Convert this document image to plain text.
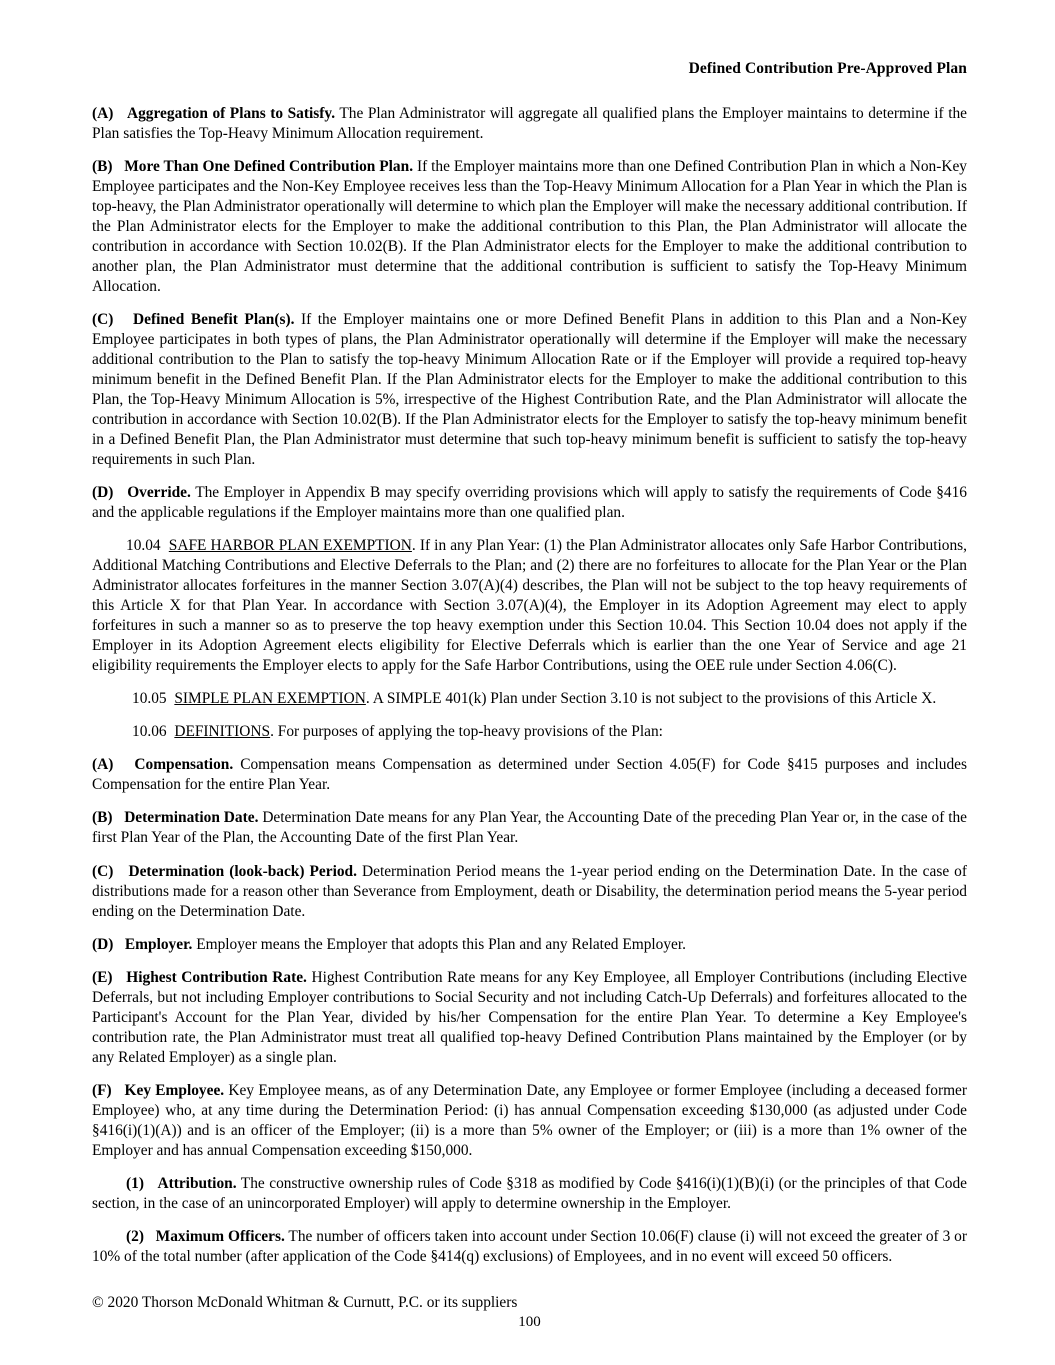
Defined Contribution Pre-Approved Plan

(A) Aggregation of Plans to Satisfy. The Plan Administrator will aggregate all qualified plans the Employer maintains to determine if the Plan satisfies the Top-Heavy Minimum Allocation requirement.

(B) More Than One Defined Contribution Plan. If the Employer maintains more than one Defined Contribution Plan in which a Non-Key Employee participates and the Non-Key Employee receives less than the Top-Heavy Minimum Allocation for a Plan Year in which the Plan is top-heavy, the Plan Administrator operationally will determine to which plan the Employer will make the necessary additional contribution. If the Plan Administrator elects for the Employer to make the additional contribution to this Plan, the Plan Administrator will allocate the contribution in accordance with Section 10.02(B). If the Plan Administrator elects for the Employer to make the additional contribution to another plan, the Plan Administrator must determine that the additional contribution is sufficient to satisfy the Top-Heavy Minimum Allocation.

(C) Defined Benefit Plan(s). If the Employer maintains one or more Defined Benefit Plans in addition to this Plan and a Non-Key Employee participates in both types of plans, the Plan Administrator operationally will determine if the Employer will make the necessary additional contribution to the Plan to satisfy the top-heavy Minimum Allocation Rate or if the Employer will provide a required top-heavy minimum benefit in the Defined Benefit Plan. If the Plan Administrator elects for the Employer to make the additional contribution to this Plan, the Top-Heavy Minimum Allocation is 5%, irrespective of the Highest Contribution Rate, and the Plan Administrator will allocate the contribution in accordance with Section 10.02(B). If the Plan Administrator elects for the Employer to satisfy the top-heavy minimum benefit in a Defined Benefit Plan, the Plan Administrator must determine that such top-heavy minimum benefit is sufficient to satisfy the top-heavy requirements in such Plan.

(D) Override. The Employer in Appendix B may specify overriding provisions which will apply to satisfy the requirements of Code §416 and the applicable regulations if the Employer maintains more than one qualified plan.

10.04 SAFE HARBOR PLAN EXEMPTION. If in any Plan Year: (1) the Plan Administrator allocates only Safe Harbor Contributions, Additional Matching Contributions and Elective Deferrals to the Plan; and (2) there are no forfeitures to allocate for the Plan Year or the Plan Administrator allocates forfeitures in the manner Section 3.07(A)(4) describes, the Plan will not be subject to the top heavy requirements of this Article X for that Plan Year. In accordance with Section 3.07(A)(4), the Employer in its Adoption Agreement may elect to apply forfeitures in such a manner so as to preserve the top heavy exemption under this Section 10.04. This Section 10.04 does not apply if the Employer in its Adoption Agreement elects eligibility for Elective Deferrals which is earlier than the one Year of Service and age 21 eligibility requirements the Employer elects to apply for the Safe Harbor Contributions, using the OEE rule under Section 4.06(C).

10.05 SIMPLE PLAN EXEMPTION. A SIMPLE 401(k) Plan under Section 3.10 is not subject to the provisions of this Article X.

10.06 DEFINITIONS. For purposes of applying the top-heavy provisions of the Plan:

(A) Compensation. Compensation means Compensation as determined under Section 4.05(F) for Code §415 purposes and includes Compensation for the entire Plan Year.

(B) Determination Date. Determination Date means for any Plan Year, the Accounting Date of the preceding Plan Year or, in the case of the first Plan Year of the Plan, the Accounting Date of the first Plan Year.

(C) Determination (look-back) Period. Determination Period means the 1-year period ending on the Determination Date. In the case of distributions made for a reason other than Severance from Employment, death or Disability, the determination period means the 5-year period ending on the Determination Date.

(D) Employer. Employer means the Employer that adopts this Plan and any Related Employer.

(E) Highest Contribution Rate. Highest Contribution Rate means for any Key Employee, all Employer Contributions (including Elective Deferrals, but not including Employer contributions to Social Security and not including Catch-Up Deferrals) and forfeitures allocated to the Participant's Account for the Plan Year, divided by his/her Compensation for the entire Plan Year. To determine a Key Employee's contribution rate, the Plan Administrator must treat all qualified top-heavy Defined Contribution Plans maintained by the Employer (or by any Related Employer) as a single plan.

(F) Key Employee. Key Employee means, as of any Determination Date, any Employee or former Employee (including a deceased former Employee) who, at any time during the Determination Period: (i) has annual Compensation exceeding $130,000 (as adjusted under Code §416(i)(1)(A)) and is an officer of the Employer; (ii) is a more than 5% owner of the Employer; or (iii) is a more than 1% owner of the Employer and has annual Compensation exceeding $150,000.

(1) Attribution. The constructive ownership rules of Code §318 as modified by Code §416(i)(1)(B)(i) (or the principles of that Code section, in the case of an unincorporated Employer) will apply to determine ownership in the Employer.

(2) Maximum Officers. The number of officers taken into account under Section 10.06(F) clause (i) will not exceed the greater of 3 or 10% of the total number (after application of the Code §414(q) exclusions) of Employees, and in no event will exceed 50 officers.

© 2020 Thorson McDonald Whitman & Curnutt, P.C. or its suppliers
100
